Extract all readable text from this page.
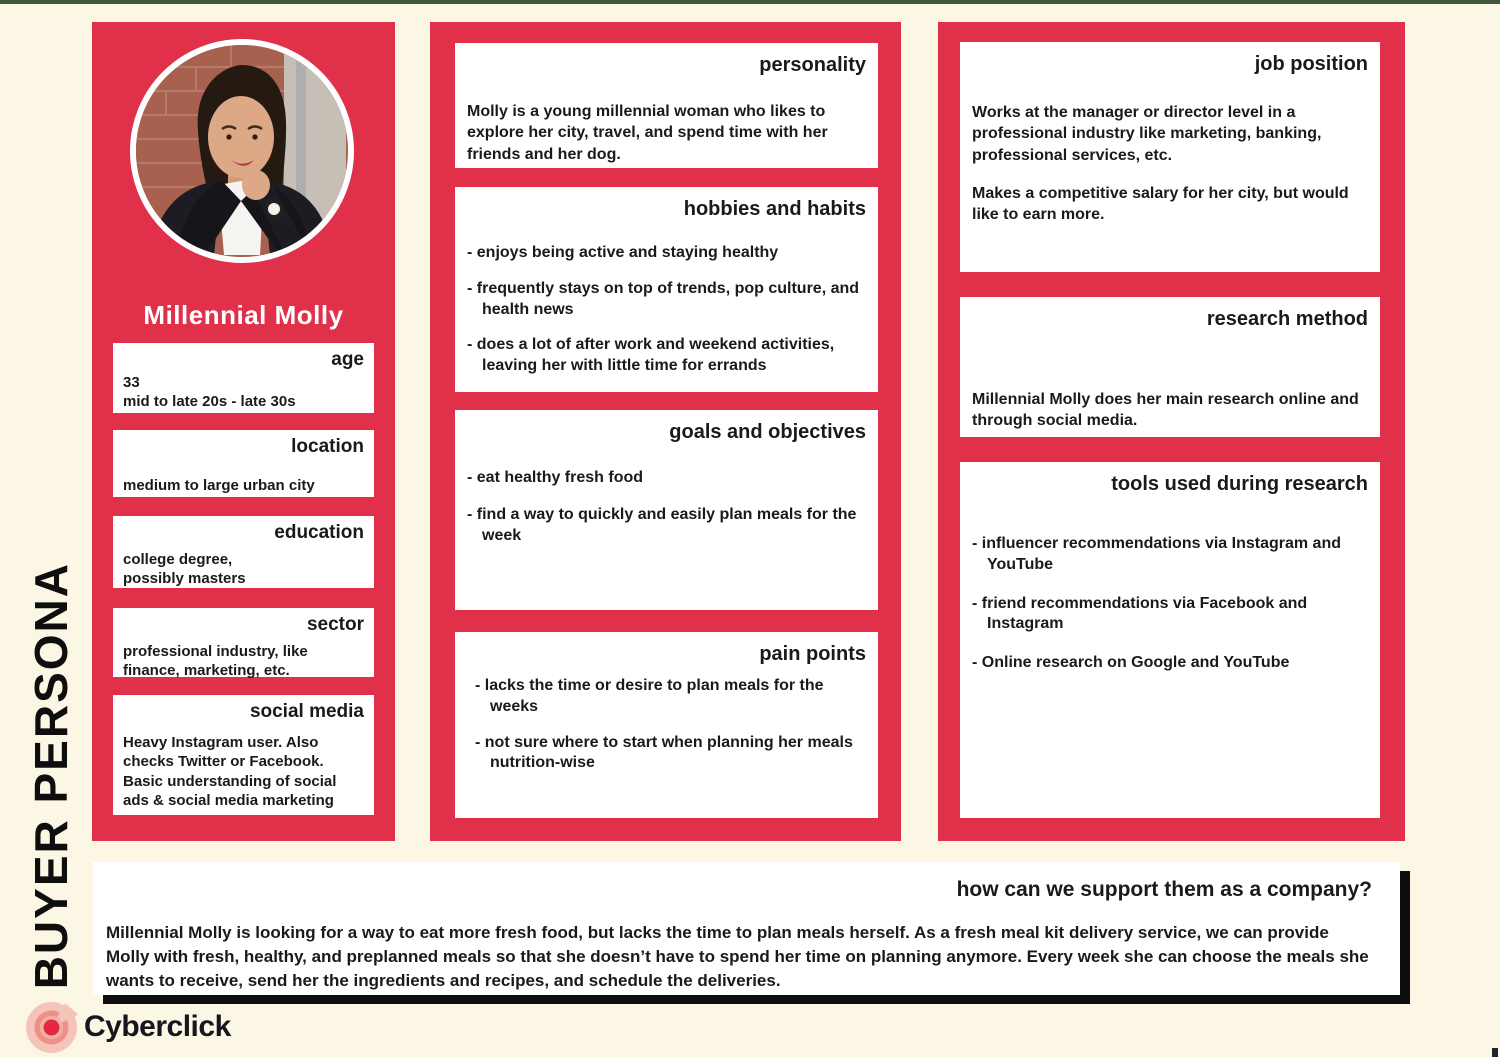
BUYER PERSONA
Millennial Molly
age
33
mid to late 20s - late 30s
location
medium to large urban city
education
college degree,
possibly masters
sector
professional industry, like
finance, marketing, etc.
social media
Heavy Instagram user. Also checks Twitter or Facebook. Basic understanding of social ads & social media marketing
personality
Molly is a young millennial woman who likes to explore her city, travel, and spend time with her friends and her dog.
hobbies and habits
- enjoys being active and staying healthy
- frequently stays on top of trends, pop culture, and health news
- does a lot of after work and weekend activities, leaving her with little time for errands
goals and objectives
- eat healthy fresh food
- find a way to quickly and easily plan meals for the week
pain points
- lacks the time or desire to plan meals for the weeks
- not sure where to start when planning her meals nutrition-wise
job position
Works at the manager or director level in a professional industry like marketing, banking, professional services, etc.
Makes a competitive salary for her city, but would like to earn more.
research method
Millennial Molly does her main research online and through social media.
tools used during research
- influencer recommendations via Instagram and YouTube
- friend recommendations via Facebook and Instagram
- Online research on Google and YouTube
how can we support them as a company?
Millennial Molly is looking for a way to eat more fresh food, but lacks the time to plan meals herself. As a fresh meal kit delivery service, we can provide Molly with fresh, healthy, and preplanned meals so that she doesn’t have to spend her time on planning anymore. Every week she can choose the meals she wants to receive, send her the ingredients and recipes, and schedule the deliveries.
Cyberclick
